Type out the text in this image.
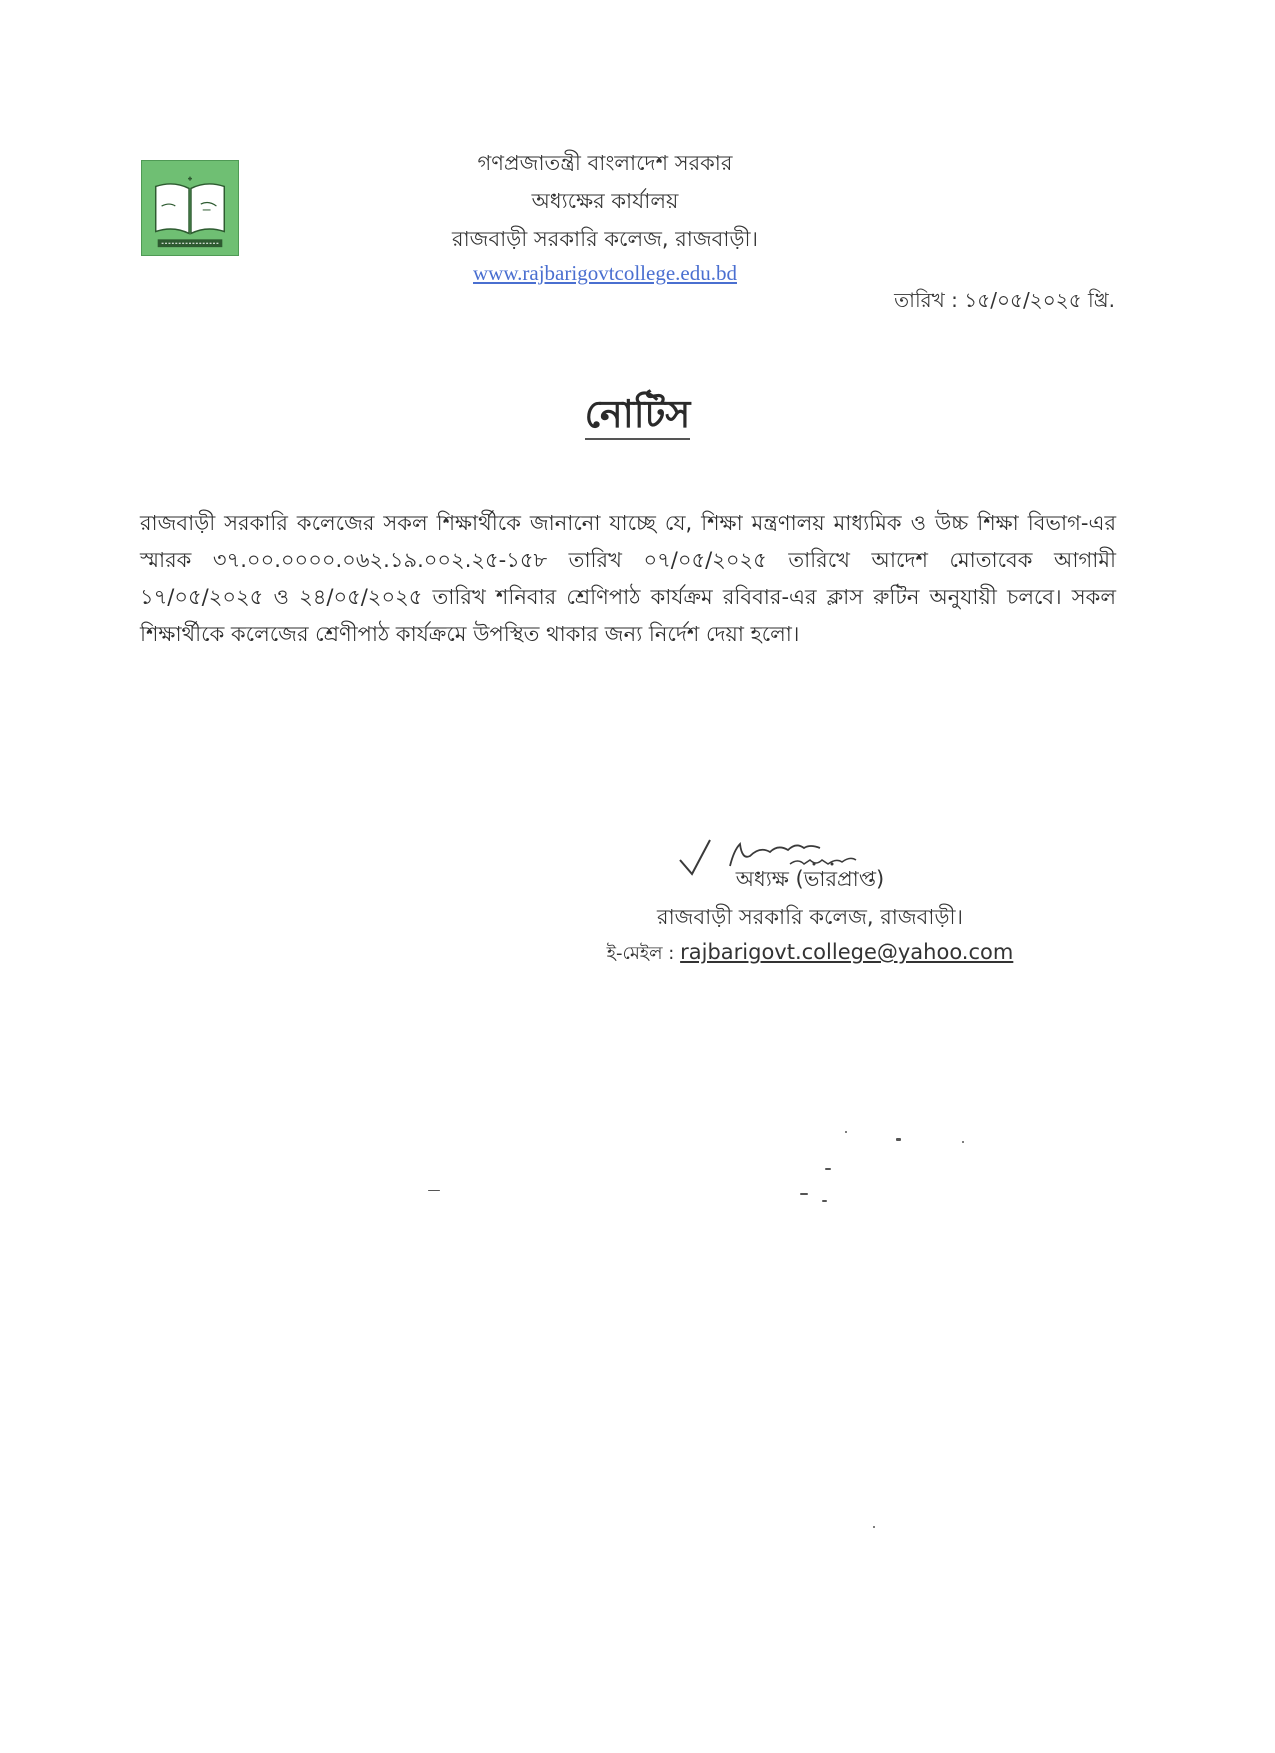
গণপ্রজাতন্ত্রী বাংলাদেশ সরকার
অধ্যক্ষের কার্যালয়
রাজবাড়ী সরকারি কলেজ, রাজবাড়ী।
www.rajbarigovtcollege.edu.bd
তারিখ : ১৫/০৫/২০২৫ খ্রি.
নোটিস
রাজবাড়ী সরকারি কলেজের সকল শিক্ষার্থীকে জানানো যাচ্ছে যে, শিক্ষা মন্ত্রণালয় মাধ্যমিক ও উচ্চ শিক্ষা বিভাগ-এর স্মারক ৩৭.০০.০০০০.০৬২.১৯.০০২.২৫-১৫৮ তারিখ ০৭/০৫/২০২৫ তারিখে আদেশ মোতাবেক আগামী ১৭/০৫/২০২৫ ও ২৪/০৫/২০২৫ তারিখ শনিবার শ্রেণিপাঠ কার্যক্রম রবিবার-এর ক্লাস রুটিন অনুযায়ী চলবে। সকল শিক্ষার্থীকে কলেজের শ্রেণীপাঠ কার্যক্রমে উপস্থিত থাকার জন্য নির্দেশ দেয়া হলো।
অধ্যক্ষ (ভারপ্রাপ্ত)
রাজবাড়ী সরকারি কলেজ, রাজবাড়ী।
ই-মেইল : rajbarigovt.college@yahoo.com
